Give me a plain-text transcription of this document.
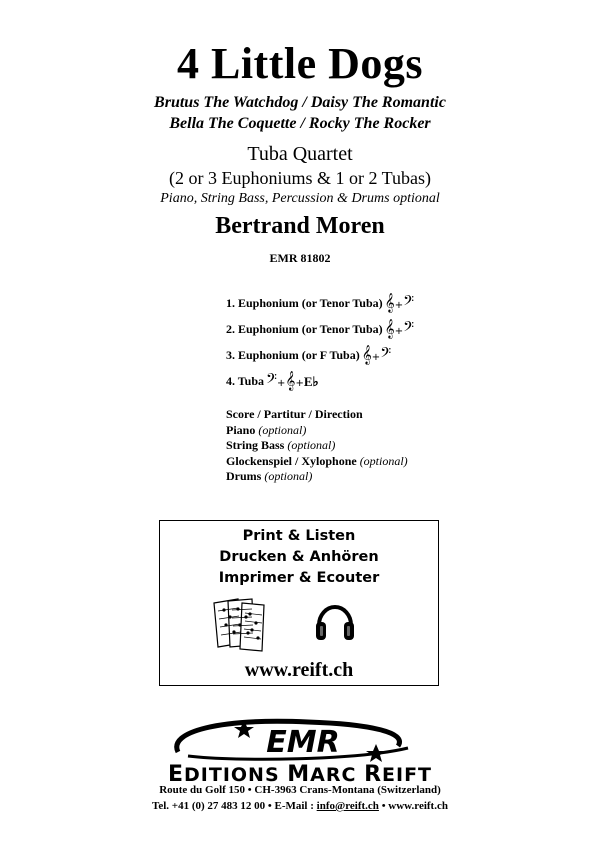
4 Little Dogs
Brutus The Watchdog / Daisy The Romantic
Bella The Coquette / Rocky The Rocker
Tuba Quartet
(2 or 3 Euphoniums & 1 or 2 Tubas)
Piano, String Bass, Percussion & Drums optional
Bertrand Moren
EMR 81802
1. Euphonium (or Tenor Tuba) 𝄞+𝄢
2. Euphonium (or Tenor Tuba) 𝄞+𝄢
3. Euphonium (or F Tuba) 𝄞+𝄢
4. Tuba 𝄢+𝄞+E♭
Score / Partitur / Direction
Piano (optional)
String Bass (optional)
Glockenspiel / Xylophone (optional)
Drums (optional)
Print & Listen
Drucken & Anhören
Imprimer & Ecouter
www.reift.ch
EMR
EDITIONS MARC REIFT
Route du Golf 150 • CH-3963 Crans-Montana (Switzerland)
Tel. +41 (0) 27 483 12 00 • E-Mail : info@reift.ch • www.reift.ch
